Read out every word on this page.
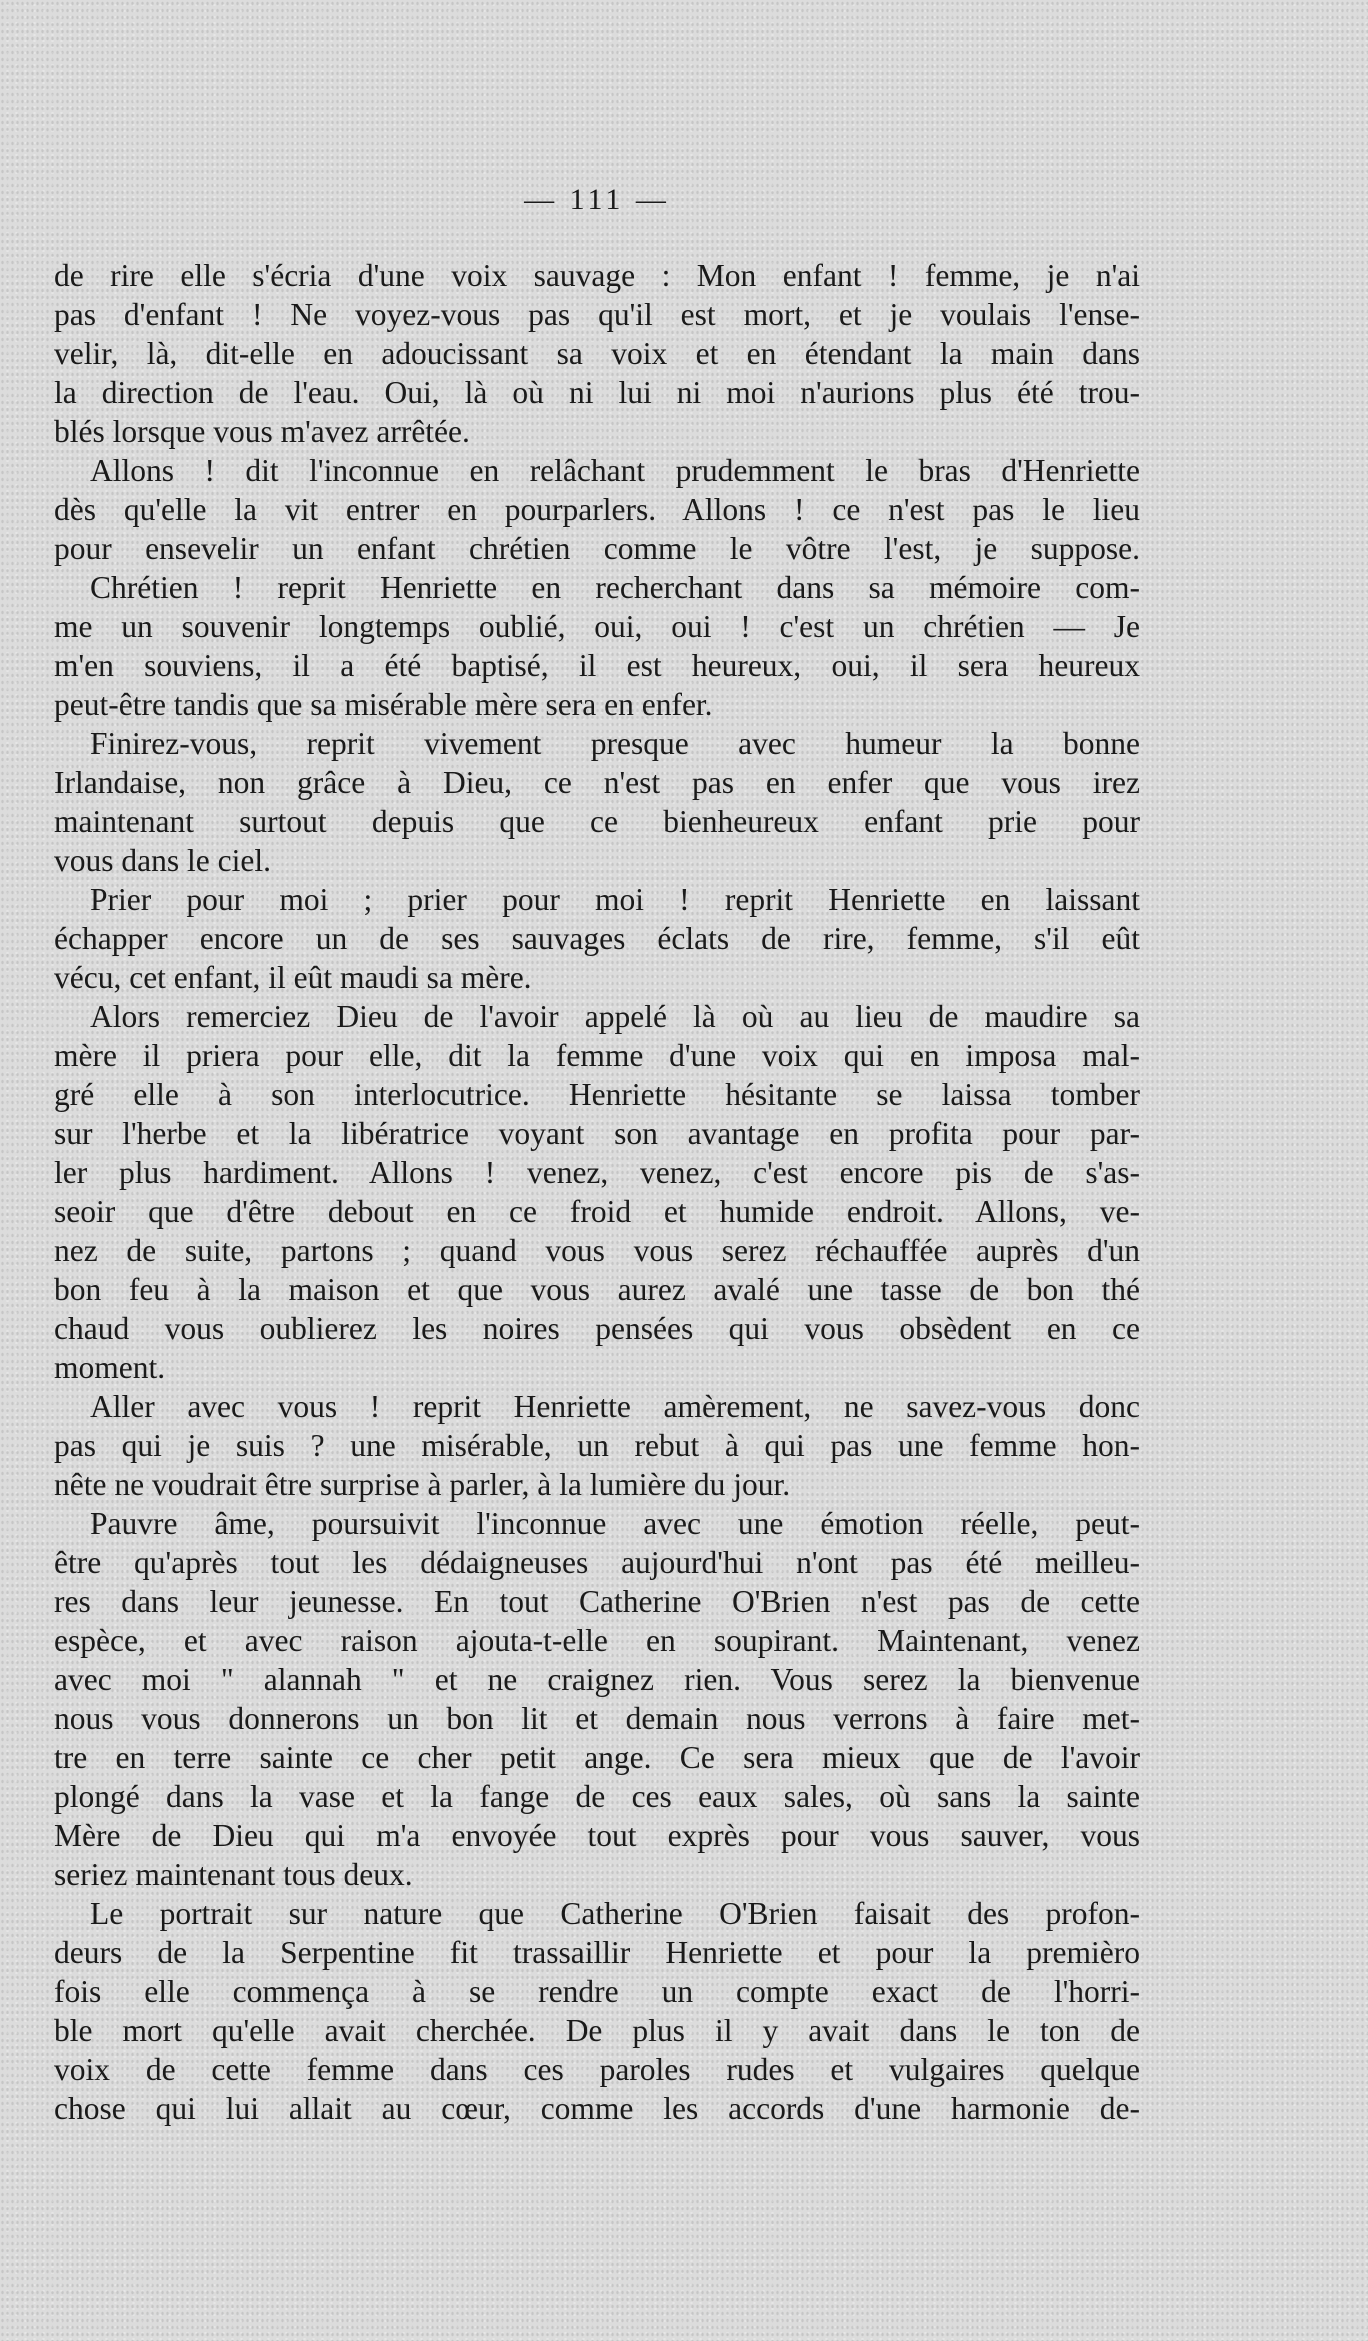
— 111 —
de rire elle s'écria d'une voix sauvage : Mon enfant ! femme, je n'ai
pas d'enfant ! Ne voyez-vous pas qu'il est mort, et je voulais l'ense-
velir, là, dit-elle en adoucissant sa voix et en étendant la main dans
la direction de l'eau. Oui, là où ni lui ni moi n'aurions plus été trou-
blés lorsque vous m'avez arrêtée.
Allons ! dit l'inconnue en relâchant prudemment le bras d'Henriette
dès qu'elle la vit entrer en pourparlers. Allons ! ce n'est pas le lieu
pour ensevelir un enfant chrétien comme le vôtre l'est, je suppose.
Chrétien ! reprit Henriette en recherchant dans sa mémoire com-
me un souvenir longtemps oublié, oui, oui ! c'est un chrétien — Je
m'en souviens, il a été baptisé, il est heureux, oui, il sera heureux
peut-être tandis que sa misérable mère sera en enfer.
Finirez-vous, reprit vivement presque avec humeur la bonne
Irlandaise, non grâce à Dieu, ce n'est pas en enfer que vous irez
maintenant surtout depuis que ce bienheureux enfant prie pour
vous dans le ciel.
Prier pour moi ; prier pour moi ! reprit Henriette en laissant
échapper encore un de ses sauvages éclats de rire, femme, s'il eût
vécu, cet enfant, il eût maudi sa mère.
Alors remerciez Dieu de l'avoir appelé là où au lieu de maudire sa
mère il priera pour elle, dit la femme d'une voix qui en imposa mal-
gré elle à son interlocutrice. Henriette hésitante se laissa tomber
sur l'herbe et la libératrice voyant son avantage en profita pour par-
ler plus hardiment. Allons ! venez, venez, c'est encore pis de s'as-
seoir que d'être debout en ce froid et humide endroit. Allons, ve-
nez de suite, partons ; quand vous vous serez réchauffée auprès d'un
bon feu à la maison et que vous aurez avalé une tasse de bon thé
chaud vous oublierez les noires pensées qui vous obsèdent en ce
moment.
Aller avec vous ! reprit Henriette amèrement, ne savez-vous donc
pas qui je suis ? une misérable, un rebut à qui pas une femme hon-
nête ne voudrait être surprise à parler, à la lumière du jour.
Pauvre âme, poursuivit l'inconnue avec une émotion réelle, peut-
être qu'après tout les dédaigneuses aujourd'hui n'ont pas été meilleu-
res dans leur jeunesse. En tout Catherine O'Brien n'est pas de cette
espèce, et avec raison ajouta-t-elle en soupirant. Maintenant, venez
avec moi " alannah " et ne craignez rien. Vous serez la bienvenue
nous vous donnerons un bon lit et demain nous verrons à faire met-
tre en terre sainte ce cher petit ange. Ce sera mieux que de l'avoir
plongé dans la vase et la fange de ces eaux sales, où sans la sainte
Mère de Dieu qui m'a envoyée tout exprès pour vous sauver, vous
seriez maintenant tous deux.
Le portrait sur nature que Catherine O'Brien faisait des profon-
deurs de la Serpentine fit trassaillir Henriette et pour la premièro
fois elle commença à se rendre un compte exact de l'horri-
ble mort qu'elle avait cherchée. De plus il y avait dans le ton de
voix de cette femme dans ces paroles rudes et vulgaires quelque
chose qui lui allait au cœur, comme les accords d'une harmonie de-
